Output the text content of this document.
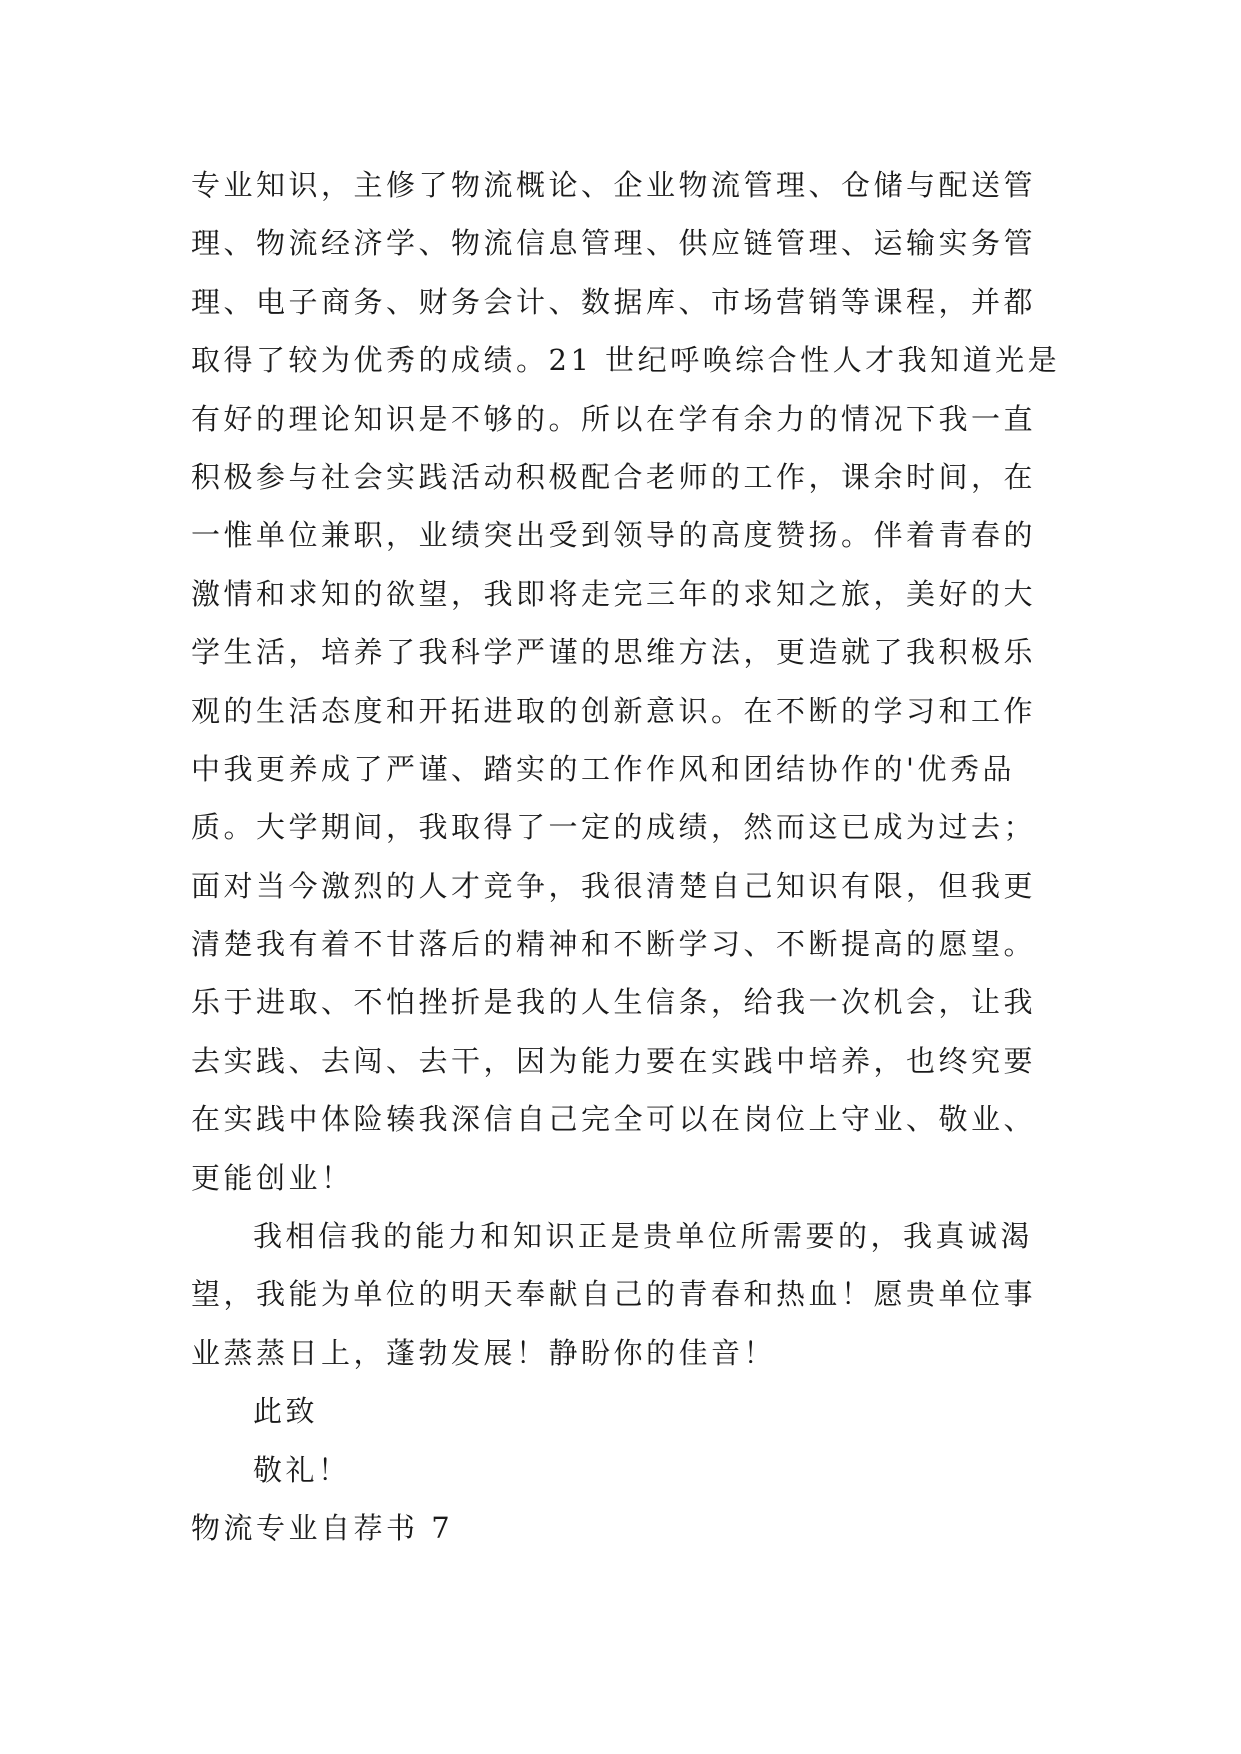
专业知识，主修了物流概论、企业物流管理、仓储与配送管
理、物流经济学、物流信息管理、供应链管理、运输实务管
理、电子商务、财务会计、数据库、市场营销等课程，并都
取得了较为优秀的成绩。21 世纪呼唤综合性人才我知道光是
有好的理论知识是不够的。所以在学有余力的情况下我一直
积极参与社会实践活动积极配合老师的工作，课余时间，在
一惟单位兼职，业绩突出受到领导的高度赞扬。伴着青春的
激情和求知的欲望，我即将走完三年的求知之旅，美好的大
学生活，培养了我科学严谨的思维方法，更造就了我积极乐
观的生活态度和开拓进取的创新意识。在不断的学习和工作
中我更养成了严谨、踏实的工作作风和团结协作的'优秀品
质。大学期间，我取得了一定的成绩，然而这已成为过去；
面对当今激烈的人才竞争，我很清楚自己知识有限，但我更
清楚我有着不甘落后的精神和不断学习、不断提高的愿望。
乐于进取、不怕挫折是我的人生信条，给我一次机会，让我
去实践、去闯、去干，因为能力要在实践中培养，也终究要
在实践中体险辏我深信自己完全可以在岗位上守业、敬业、
更能创业！
我相信我的能力和知识正是贵单位所需要的，我真诚渴
望，我能为单位的明天奉献自己的青春和热血！愿贵单位事
业蒸蒸日上，蓬勃发展！静盼你的佳音！
此致
敬礼！
物流专业自荐书 7
